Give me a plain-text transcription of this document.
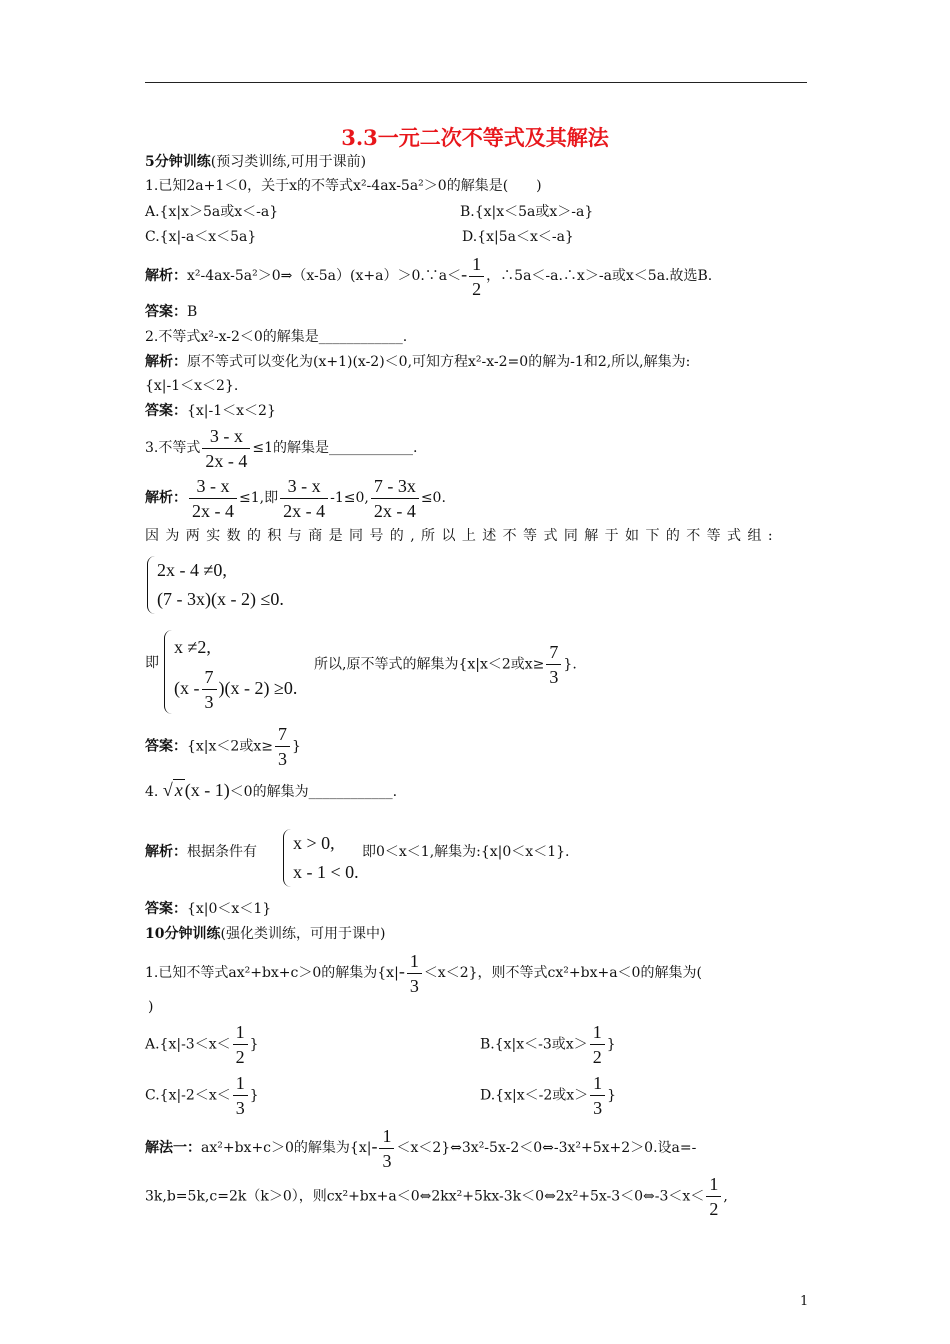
3.3一元二次不等式及其解法
5分钟训练(预习类训练,可用于课前)
1.已知2a+1＜0，关于x的不等式x²-4ax-5a²＞0的解集是(　　)
A.{x|x＞5a或x＜-a}	B.{x|x＜5a或x＞-a}
C.{x|-a＜x＜5a}	D.{x|5a＜x＜-a}
解析：x²-4ax-5a²＞0⇒（x-5a）(x+a）＞0.∵a＜- $\frac{1}{2}$ ，∴5a＜-a.∴x＞-a或x＜5a.故选B.
答案：B
2.不等式x²-x-2＜0的解集是____________.
解析：原不等式可以变化为(x+1)(x-2)＜0,可知方程x²-x-2=0的解为-1和2,所以,解集为:
{x|-1＜x＜2}.
答案：{x|-1＜x＜2}
3.不等式 $\frac{3 - x}{2x - 4} \le 1$的解集是____________.
解析： $\frac{3 - x}{2x - 4} \le 1$,即 $\frac{3 - x}{2x - 4} -1\le 0$, $\frac{7 - 3x}{2x - 4} \le 0$.
因为两实数的积与商是同号的,所以上述不等式同解于如下的不等式组:
2x - 4 ≠0,
(7 - 3x)(x - 2) ≤0.
即
x ≠2,
$(x - \frac{7}{3} )(x - 2) \ge 0$.
所以,原不等式的解集为{x|x＜2或$x\ge \frac{7}{3}$ }.
答案：{x|x＜2或$x\ge \frac{7}{3}$ }
4. √ x (x - 1)＜0的解集为____________.
解析：根据条件有 x > 0,
x - 1 < 0.
即0＜x＜1,解集为:{x|0＜x＜1}.
答案：{x|0＜x＜1}
10分钟训练(强化类训练，可用于课中)
1.已知不等式ax²+bx+c＞0的解集为$\{x|- \frac{1}{3} <x<2\}$，则不等式cx²+bx+a＜0的解集为(
)
$A.\{x|-3<x< \frac{1}{2}$ }	B.{x|x＜-3或$x> \frac{1}{2}$ }
$C.\{x|-2<x< \frac{1}{3}$ }	D.{x|x＜-2或$x> \frac{1}{3}$ }
解法一：ax²+bx+c＞0的解集为{$x|- \frac{1}{3}$ ＜x＜2}⇔3x²-5x-2＜0⇔-3x²+5x+2＞0.设a=-
3k,b=5k,c=2k（k＞0），则cx²+bx+a＜0⇔2kx²+5kx-3k＜0⇔2x²+5x-3＜0⇔-3＜x＜ $\frac{1}{2}$ ,
1
